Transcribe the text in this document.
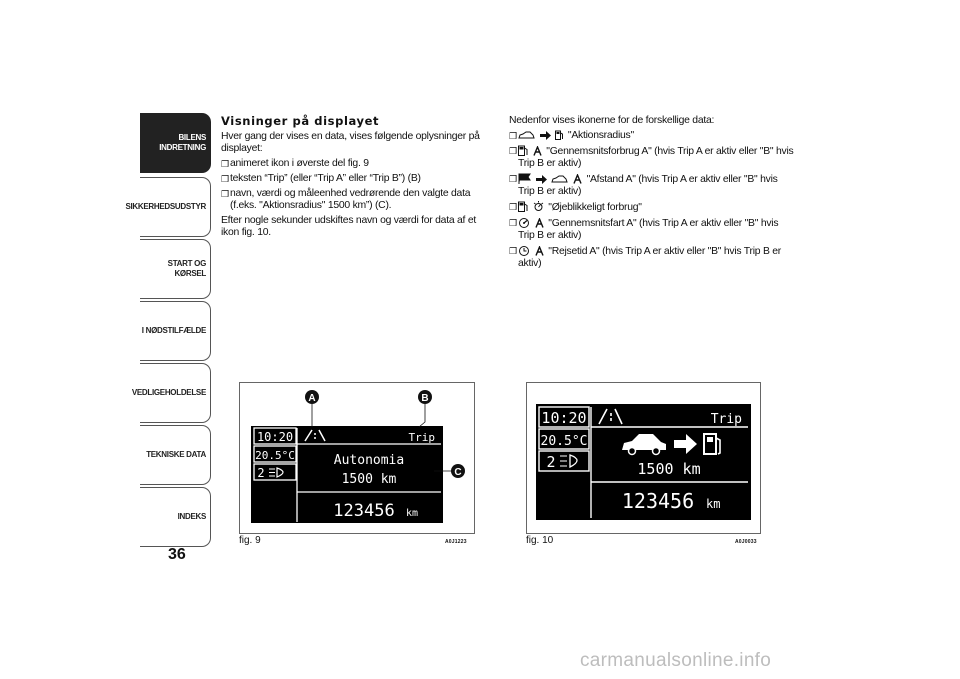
BILENS INDRETNING
SIKKERHEDSUDSTYR
START OG KØRSEL
I NØDSTILFÆLDE
VEDLIGEHOLDELSE
TEKNISKE DATA
INDEKS
36
Visninger på displayet

Hver gang der vises en data, vises følgende oplysninger på displayet:

❒ animeret ikon i øverste del fig. 9
❒ teksten “Trip” (eller “Trip A” eller “Trip B”) (B)
❒ navn, værdi og måleenhed vedrørende den valgte data (f.eks. "Aktionsradius" 1500 km”) (C).

Efter nogle sekunder udskiftes navn og værdi for data af et ikon fig. 10.

Nedenfor vises ikonerne for de forskellige data:

❒	"Aktionsradius"
❒	"Gennemsnitsforbrug A" (hvis Trip A er aktiv eller "B" hvis Trip B er aktiv)
❒	"Afstand A" (hvis Trip A er aktiv eller "B" hvis Trip B er aktiv)
❒	"Øjeblikkeligt forbrug"
❒	"Gennemsnitsfart A" (hvis Trip A er aktiv eller "B" hvis Trip B er aktiv)
❒	"Rejsetid A" (hvis Trip A er aktiv eller "B" hvis Trip B er aktiv)
10:20
20.5°C
2
Trip
Autonomia
1500 km
123456 km
A	B
C
fig. 9	A0J1223
10:20
20.5°C
2
Trip
1500 km
123456 km
fig. 10	A0J0033
carmanualsonline.info
